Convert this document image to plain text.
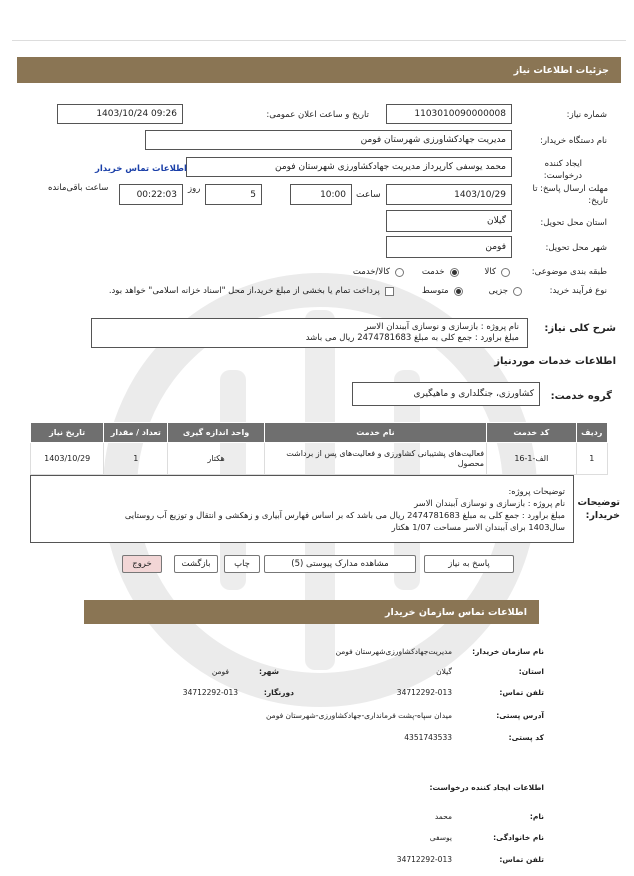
جزئیات اطلاعات نیاز
شماره نیاز:
1103010090000008
تاریخ و ساعت اعلان عمومی:
1403/10/24 09:26
نام دستگاه خریدار:
مدیریت جهادکشاورزی شهرستان فومن
ایجاد کننده
درخواست:
محمد یوسفی کارپرداز مدیریت جهادکشاورزی شهرستان فومن
اطلاعات تماس خریدار
مهلت ارسال پاسخ: تا
تاریخ:
1403/10/29
ساعت
10:00
5
روز
00:22:03
ساعت باقی‌مانده
استان محل تحویل:
گیلان
شهر محل تحویل:
فومن
طبقه بندی موضوعی:
کالا
خدمت
کالا/خدمت
نوع فرآیند خرید:
جزیی
متوسط
پرداخت تمام یا بخشی از مبلغ خرید،از محل "اسناد خزانه اسلامی" خواهد بود.
شرح کلی نیاز:
نام پروژه : بازسازی و نوسازی آببندان الاسر
مبلغ براورد : جمع کلی به مبلغ 2474781683 ریال می باشد
اطلاعات خدمات موردنیاز
گروه خدمت:
کشاورزی، جنگلداری و ماهیگیری
ردیف	کد خدمت	نام خدمت	واحد اندازه گیری	تعداد / مقدار	تاریخ نیاز
1	الف-1-16	فعالیت‌های پشتیبانی کشاورزی و فعالیت‌های پس از برداشت محصول	هکتار	1	1403/10/29
توضیحات
خریدار:
توضیحات پروژه:
نام پروژه : بازسازی و نوسازی آببندان الاسر
مبلغ براورد : جمع کلی به مبلغ 2474781683 ریال می باشد که بر اساس فهارس آبیاری و زهکشی و انتقال و توزیع آب روستایی
سال1403 برای آببندان الاسر مساحت 1/07 هکتار
پاسخ به نیاز
مشاهده مدارک پیوستی (5)
چاپ
بازگشت
خروج
اطلاعات تماس سازمان خریدار
نام سازمان خریدار:
مدیریت‌جهادکشاورزی‌شهرستان فومن
استان:
گیلان
شهر:
فومن
تلفن تماس:
34712292-013
دورنگار:
34712292-013
آدرس پستی:
میدان سپاه-پشت فرمانداری-جهادکشاورزی-شهرستان فومن
کد پستی:
4351743533
اطلاعات ایجاد کننده درخواست:
نام:
محمد
نام خانوادگی:
یوسفی
تلفن تماس:
34712292-013
